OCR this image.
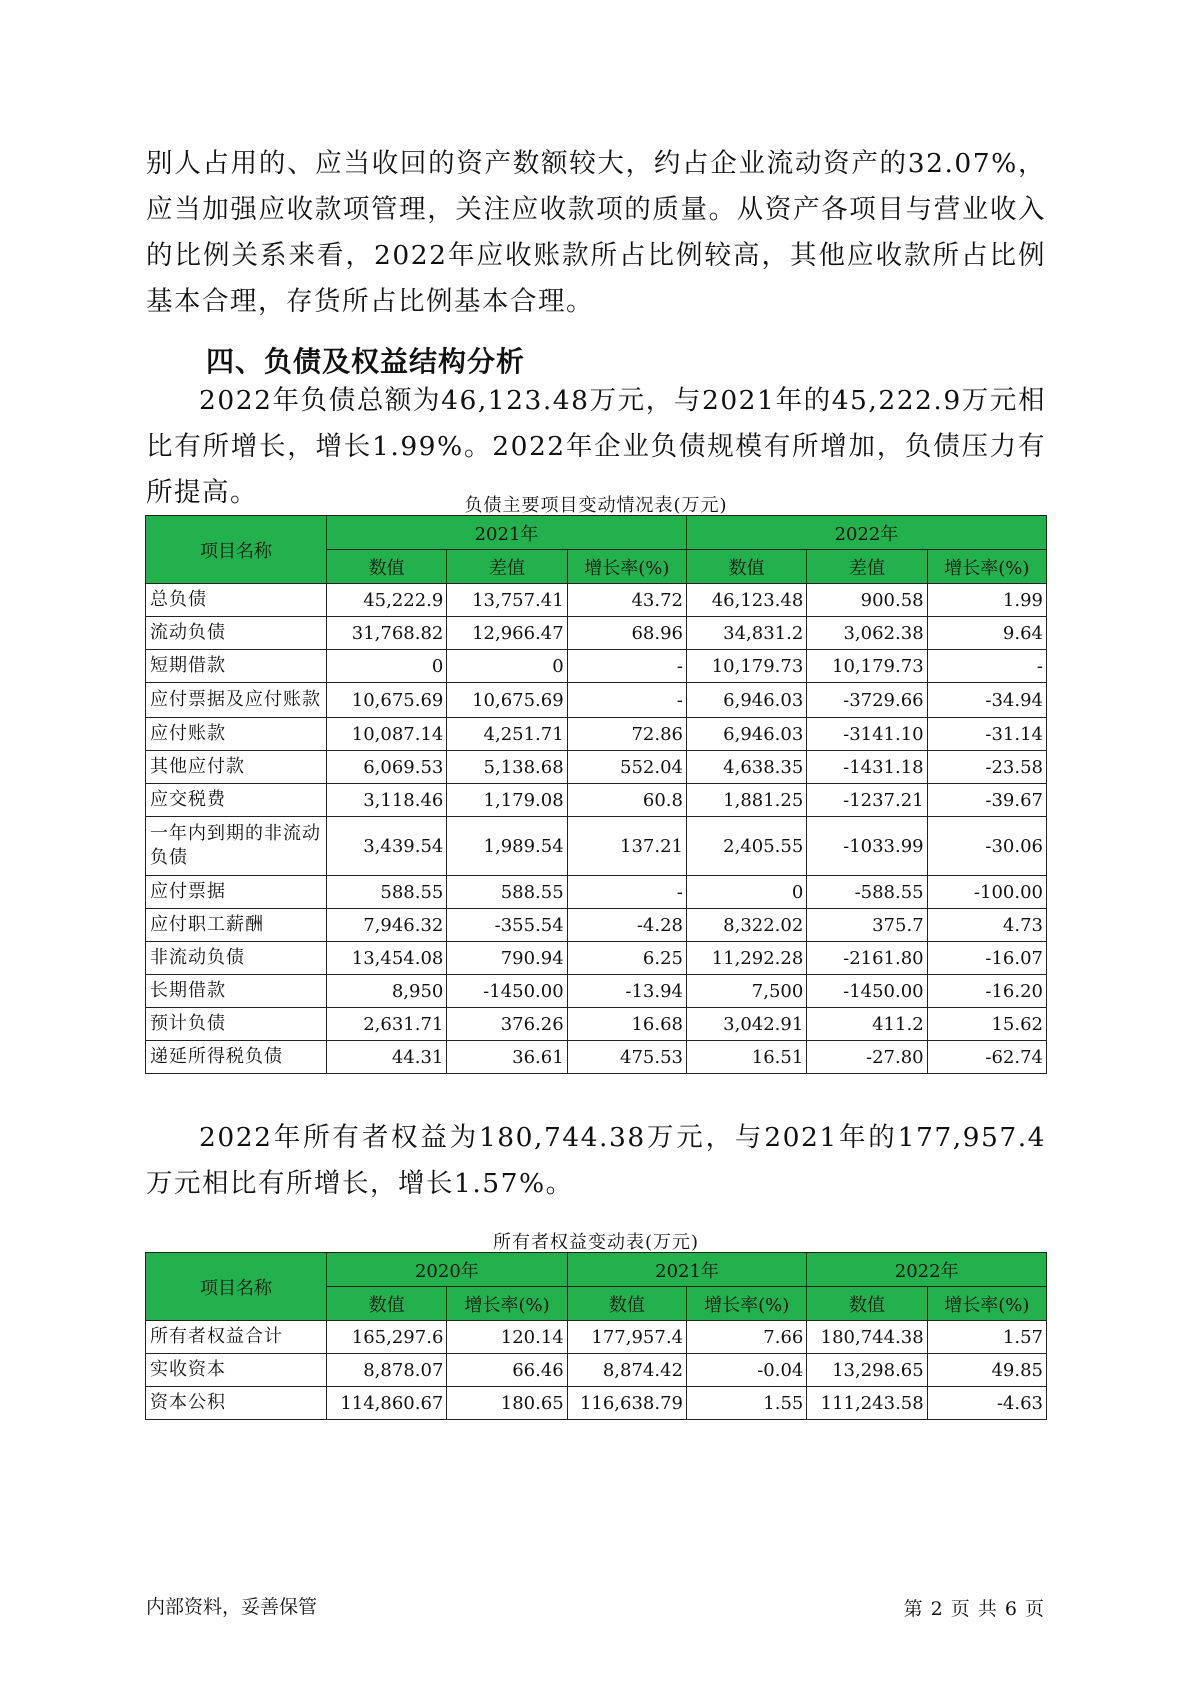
别人占用的、应当收回的资产数额较大，约占企业流动资产的32.07%，应当加强应收款项管理，关注应收款项的质量。从资产各项目与营业收入的比例关系来看，2022年应收账款所占比例较高，其他应收款所占比例基本合理，存货所占比例基本合理。

四、负债及权益结构分析

2022年负债总额为46,123.48万元，与2021年的45,222.9万元相比有所增长，增长1.99%。2022年企业负债规模有所增加，负债压力有所提高。	负债主要项目变动情况表(万元)

项目名称	2021年			2022年		
	数值	差值	增长率(%)	数值	差值	增长率(%)
总负债	45,222.9	13,757.41	43.72	46,123.48	900.58	1.99
流动负债	31,768.82	12,966.47	68.96	34,831.2	3,062.38	9.64
短期借款	0	0	-	10,179.73	10,179.73	-
应付票据及应付账款	10,675.69	10,675.69	-	6,946.03	-3729.66	-34.94
应付账款	10,087.14	4,251.71	72.86	6,946.03	-3141.10	-31.14
其他应付款	6,069.53	5,138.68	552.04	4,638.35	-1431.18	-23.58
应交税费	3,118.46	1,179.08	60.8	1,881.25	-1237.21	-39.67
一年内到期的非流动负债	3,439.54	1,989.54	137.21	2,405.55	-1033.99	-30.06
应付票据	588.55	588.55	-	0	-588.55	-100.00
应付职工薪酬	7,946.32	-355.54	-4.28	8,322.02	375.7	4.73
非流动负债	13,454.08	790.94	6.25	11,292.28	-2161.80	-16.07
长期借款	8,950	-1450.00	-13.94	7,500	-1450.00	-16.20
预计负债	2,631.71	376.26	16.68	3,042.91	411.2	15.62
递延所得税负债	44.31	36.61	475.53	16.51	-27.80	-62.74

2022年所有者权益为180,744.38万元，与2021年的177,957.4万元相比有所增长，增长1.57%。

所有者权益变动表(万元)

项目名称	2020年		2021年		2022年	
	数值	增长率(%)	数值	增长率(%)	数值	增长率(%)
所有者权益合计	165,297.6	120.14	177,957.4	7.66	180,744.38	1.57
实收资本	8,878.07	66.46	8,874.42	-0.04	13,298.65	49.85
资本公积	114,860.67	180.65	116,638.79	1.55	111,243.58	-4.63

内部资料，妥善保管	第 2 页 共 6 页
